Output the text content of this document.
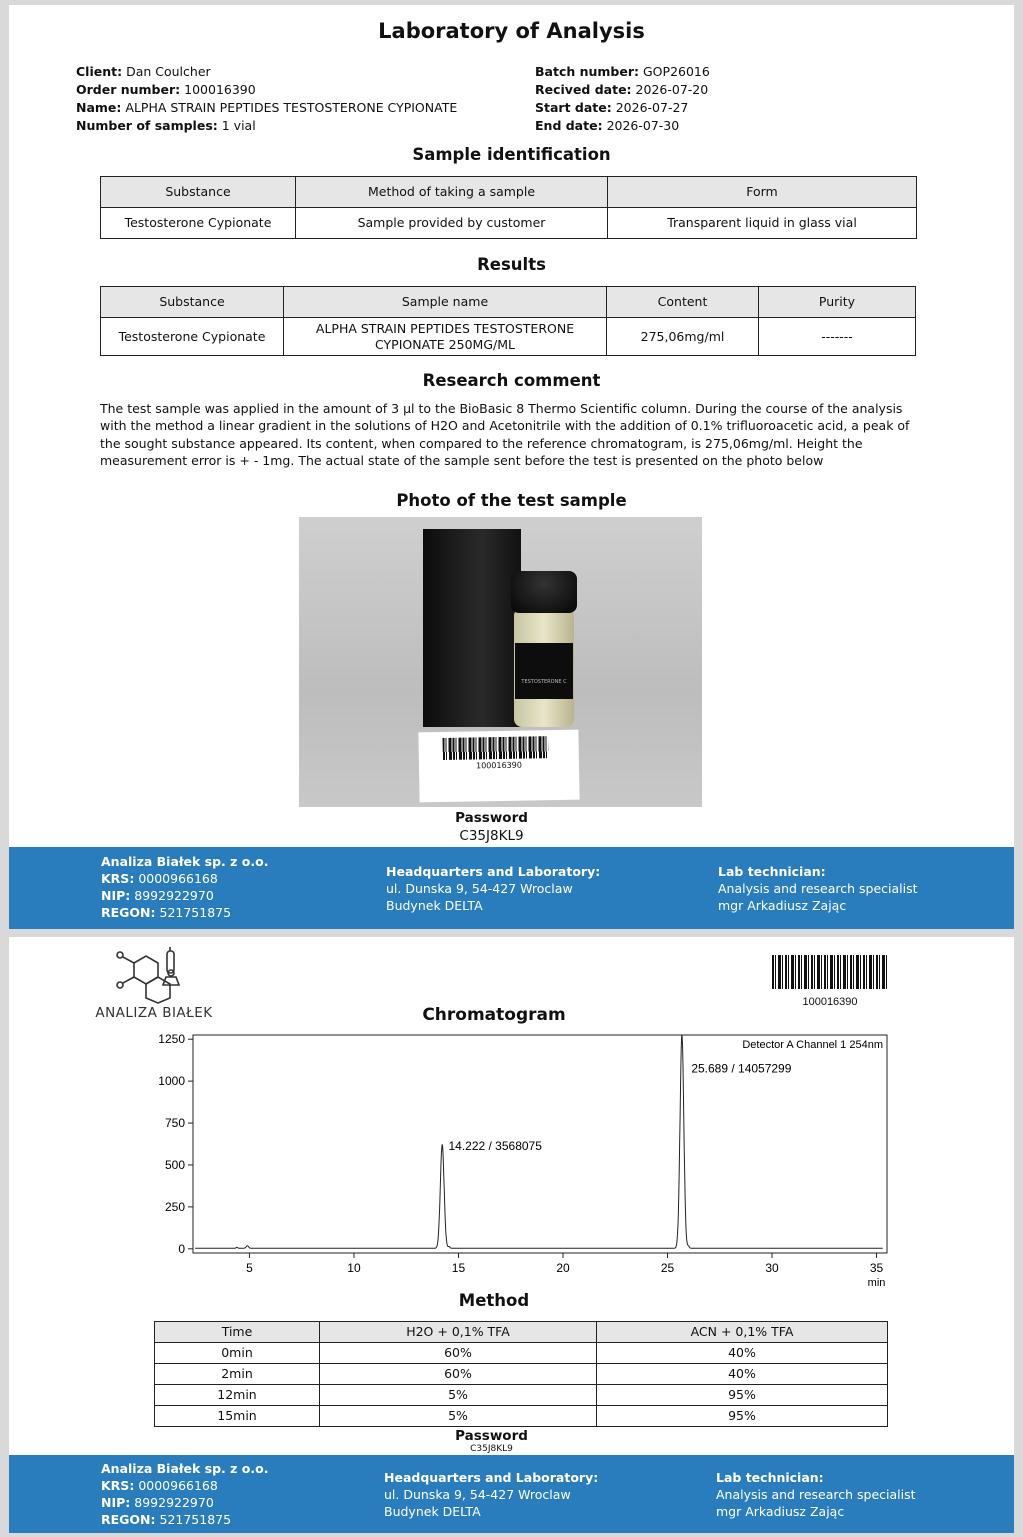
Laboratory of Analysis
Client: Dan Coulcher
Order number: 100016390
Name: ALPHA STRAIN PEPTIDES TESTOSTERONE CYPIONATE
Number of samples: 1 vial
Batch number: GOP26016
Recived date: 2026-07-20
Start date: 2026-07-27
End date: 2026-07-30
Sample identification
Substance	Method of taking a sample	Form
Testosterone Cypionate	Sample provided by customer	Transparent liquid in glass vial
Results
Substance	Sample name	Content	Purity
Testosterone Cypionate	ALPHA STRAIN PEPTIDES TESTOSTERONE CYPIONATE 250MG/ML	275,06mg/ml	-------
Research comment
The test sample was applied in the amount of 3 µl to the BioBasic 8 Thermo Scientific column. During the course of the analysis with the method a linear gradient in the solutions of H2O and Acetonitrile with the addition of 0.1% trifluoroacetic acid, a peak of the sought substance appeared. Its content, when compared to the reference chromatogram, is 275,06mg/ml. Height the measurement error is + - 1mg. The actual state of the sample sent before the test is presented on the photo below
Photo of the test sample
TESTOSTERONE C
100016390
Password
C35J8KL9
Analiza Białek sp. z o.o.
KRS: 0000966168
NIP: 8992922970
REGON: 521751875
Headquarters and Laboratory:
ul. Dunska 9, 54-427 Wroclaw
Budynek DELTA
Lab technician:
Analysis and research specialist
mgr Arkadiusz Zając
ANALIZA BIAŁEK
100016390
Chromatogram
0
250
500
750
1000
1250
5	10	15	20	25	30	35
min
Detector A Channel 1 254nm
14.222 / 3568075
25.689 / 14057299
Method
Time	H2O + 0,1% TFA	ACN + 0,1% TFA
0min	60%	40%
2min	60%	40%
12min	5%	95%
15min	5%	95%
Password
C35J8KL9
Analiza Białek sp. z o.o.
KRS: 0000966168
NIP: 8992922970
REGON: 521751875
Headquarters and Laboratory:
ul. Dunska 9, 54-427 Wroclaw
Budynek DELTA
Lab technician:
Analysis and research specialist
mgr Arkadiusz Zając
